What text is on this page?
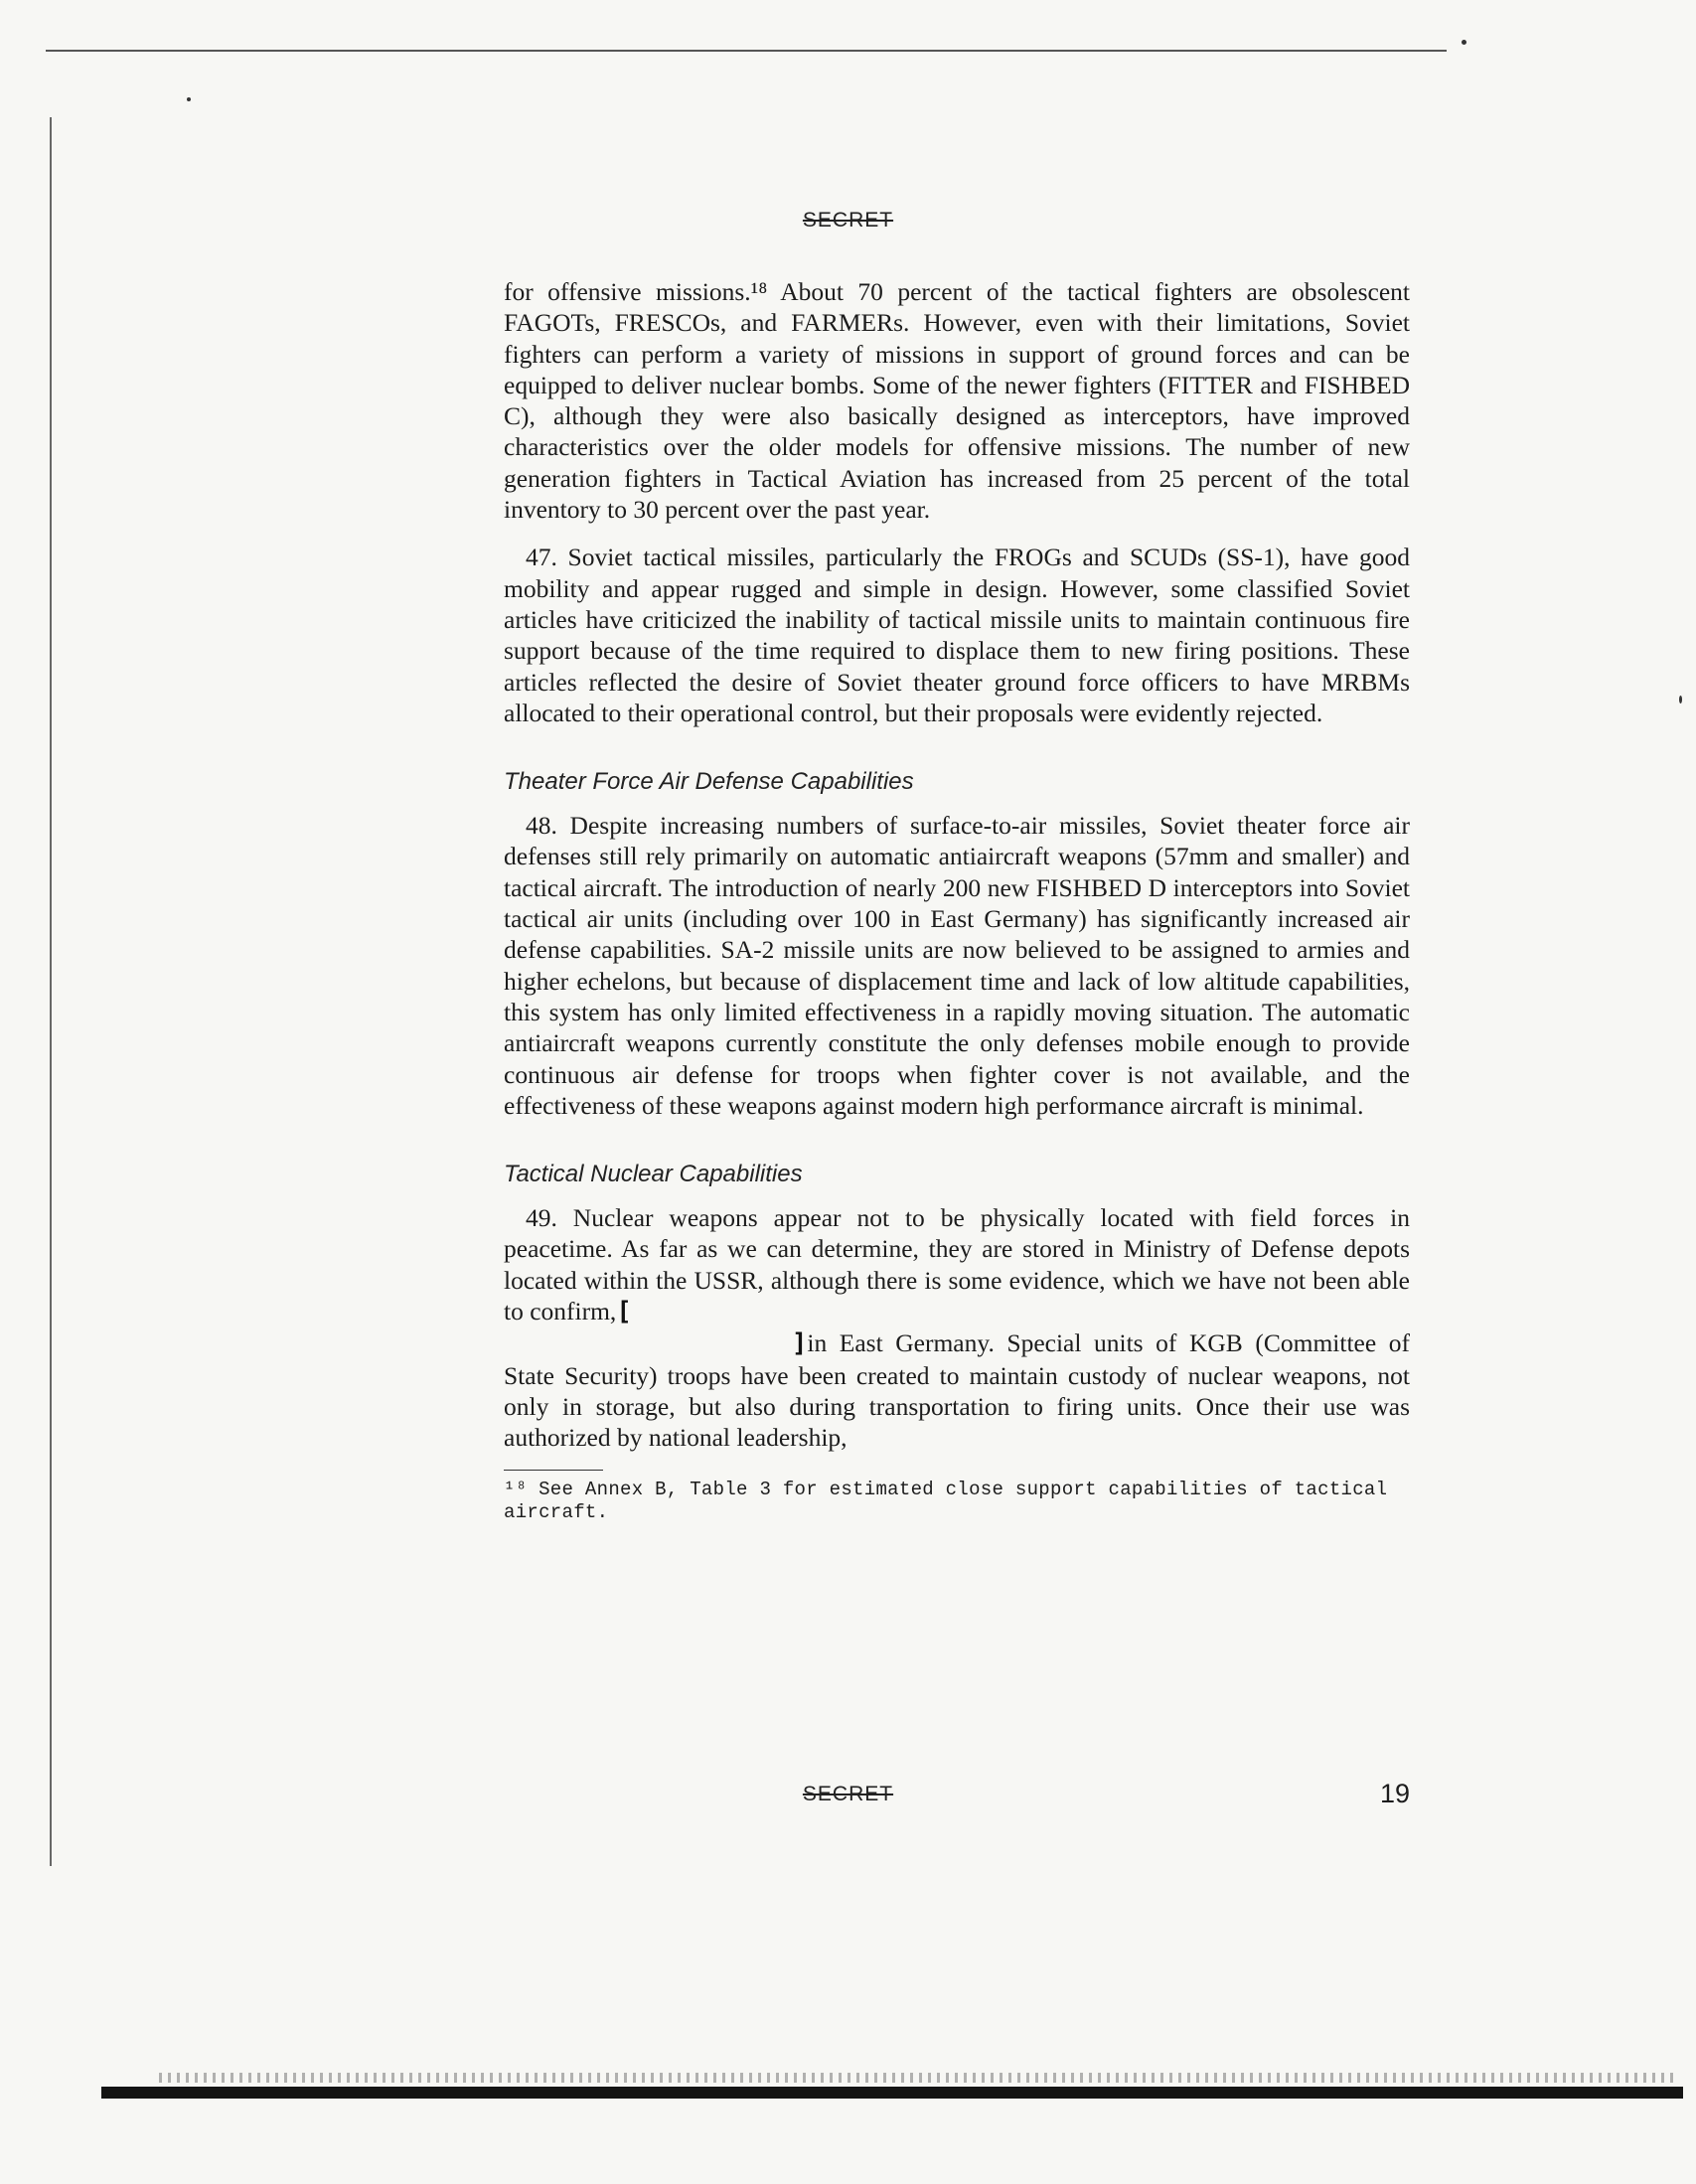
SECRET

for offensive missions.¹⁸ About 70 percent of the tactical fighters are obsolescent FAGOTs, FRESCOs, and FARMERs. However, even with their limitations, Soviet fighters can perform a variety of missions in support of ground forces and can be equipped to deliver nuclear bombs. Some of the newer fighters (FITTER and FISHBED C), although they were also basically designed as interceptors, have improved characteristics over the older models for offensive missions. The number of new generation fighters in Tactical Aviation has increased from 25 percent of the total inventory to 30 percent over the past year.

47. Soviet tactical missiles, particularly the FROGs and SCUDs (SS-1), have good mobility and appear rugged and simple in design. However, some classified Soviet articles have criticized the inability of tactical missile units to maintain continuous fire support because of the time required to displace them to new firing positions. These articles reflected the desire of Soviet theater ground force officers to have MRBMs allocated to their operational control, but their proposals were evidently rejected.

Theater Force Air Defense Capabilities

48. Despite increasing numbers of surface-to-air missiles, Soviet theater force air defenses still rely primarily on automatic antiaircraft weapons (57mm and smaller) and tactical aircraft. The introduction of nearly 200 new FISHBED D interceptors into Soviet tactical air units (including over 100 in East Germany) has significantly increased air defense capabilities. SA-2 missile units are now believed to be assigned to armies and higher echelons, but because of displacement time and lack of low altitude capabilities, this system has only limited effectiveness in a rapidly moving situation. The automatic antiaircraft weapons currently constitute the only defenses mobile enough to provide continuous air defense for troops when fighter cover is not available, and the effectiveness of these weapons against modern high performance aircraft is minimal.

Tactical Nuclear Capabilities

49. Nuclear weapons appear not to be physically located with field forces in peacetime. As far as we can determine, they are stored in Ministry of Defense depots located within the USSR, although there is some evidence, which we have not been able to confirm,[
]in East Germany. Special units of KGB (Committee of State Security) troops have been created to maintain custody of nuclear weapons, not only in storage, but also during transportation to firing units. Once their use was authorized by national leadership,

¹⁸ See Annex B, Table 3 for estimated close support capabilities of tactical aircraft.

SECRET	19
